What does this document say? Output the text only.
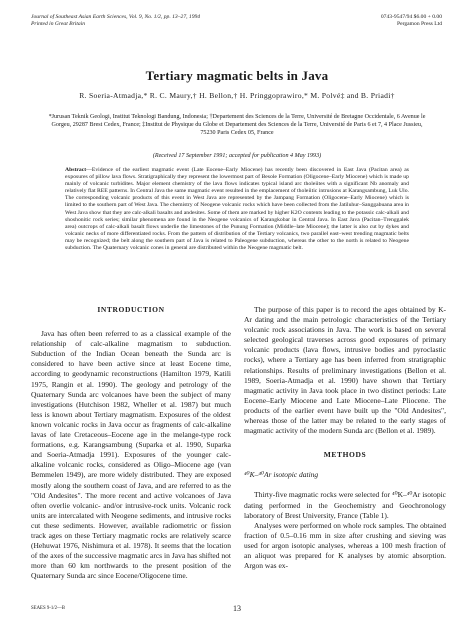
Journal of Southeast Asian Earth Sciences, Vol. 9, No. 1/2, pp. 13–27, 1994
Printed in Great Britain
0743-9547/94 $6.00 + 0.00
Pergamon Press Ltd
Tertiary magmatic belts in Java
R. Soeria-Atmadja,* R. C. Maury,† H. Bellon,† H. Pringgoprawiro,* M. Polvé‡ and B. Priadi†
*Jurusan Teknik Geologi, Institut Teknologi Bandung, Indonesia; †Departement des Sciences de la Terre, Université de Bretagne Occidentale, 6 Avenue le Gorgeu, 29287 Brest Cedex, France; ‡Institut de Physique du Globe et Departement des Sciences de la Terre, Université de Paris 6 et 7, 4 Place Jussieu, 75230 Paris Cedex 05, France
(Received 17 September 1991; accepted for publication 4 May 1993)
Abstract—Evidence of the earliest magmatic event (Late Eocene–Early Miocene) has recently been discovered in East Java (Pacitan area) as exposures of pillow lava flows. Stratigraphically they represent the lowermost part of Besole Formation (Oligocene–Early Miocene) which is made up mainly of volcanic turbidites. Major element chemistry of the lava flows indicates typical island arc tholeiites with a significant Nb anomaly and relatively flat REE patterns. In Central Java the same magmatic event resulted in the emplacement of tholeiitic intrusions at Karangsambung, Luk Ulo. The corresponding volcanic products of this event in West Java are represented by the Jampang Formation (Oligocene–Early Miocene) which is limited to the southern part of West Java. The chemistry of Neogene volcanic rocks which have been collected from the Jatiluhur–Sanggabuana area in West Java show that they are calc-alkali basalts and andesites. Some of them are marked by higher K2O contents leading to the potassic calc-alkali and shoshonitic rock series; similar phenomena are found in the Neogene volcanics of Karangkobar in Central Java. In East Java (Pacitan–Trenggalek area) outcrops of calc-alkali basalt flows underlie the limestones of the Punung Formation (Middle–late Miocene); the latter is also cut by dykes and volcanic necks of more differentiated rocks. From the pattern of distribution of the Tertiary volcanics, two parallel east–west trending magmatic belts may be recognized; the belt along the southern part of Java is related to Paleogene subduction, whereas the other to the north is related to Neogene subduction. The Quaternary volcanic cones in general are distributed within the Neogene magmatic belt.
INTRODUCTION

Java has often been referred to as a classical example of the relationship of calc-alkaline magmatism to subduction. Subduction of the Indian Ocean beneath the Sunda arc is considered to have been active since at least Eocene time, according to geodynamic reconstructions (Hamilton 1979, Katili 1975, Rangin et al. 1990). The geology and petrology of the Quaternary Sunda arc volcanoes have been the subject of many investigations (Hutchison 1982, Wheller et al. 1987) but much less is known about Tertiary magmatism. Exposures of the oldest known volcanic rocks in Java occur as fragments of calc-alkaline lavas of late Cretaceous–Eocene age in the melange-type rock formations, e.g. Karangsambung (Suparka et al. 1990, Suparka and Soeria-Atmadja 1991). Exposures of the younger calc-alkaline volcanic rocks, considered as Oligo–Miocene age (van Bemmelen 1949), are more widely distributed. They are exposed mostly along the southern coast of Java, and are referred to as the "Old Andesites". The more recent and active volcanoes of Java often overlie volcanic- and/or intrusive-rock units. Volcanic rock units are intercalated with Neogene sediments, and intrusive rocks cut these sediments. However, available radiometric or fission track ages on these Tertiary magmatic rocks are relatively scarce (Hehuwat 1976, Nishimura et al. 1978). It seems that the location of the axes of the successive magmatic arcs in Java has shifted not more than 60 km northwards to the present position of the Quaternary Sunda arc since Eocene/Oligocene time.

The purpose of this paper is to record the ages obtained by K-Ar dating and the main petrologic characteristics of the Tertiary volcanic rock associations in Java. The work is based on several selected geological traverses across good exposures of primary volcanic products (lava flows, intrusive bodies and pyroclastic rocks), where a Tertiary age has been inferred from stratigraphic relationships. Results of preliminary investigations (Bellon et al. 1989, Soeria-Atmadja et al. 1990) have shown that Tertiary magmatic activity in Java took place in two distinct periods: Late Eocene–Early Miocene and Late Miocene–Late Pliocene. The products of the earlier event have built up the "Old Andesites", whereas those of the latter may be related to the early stages of magmatic activity of the modern Sunda arc (Bellon et al. 1989).

METHODS
⁴⁰K–⁴⁰Ar isotopic dating

Thirty-five magmatic rocks were selected for ⁴⁰K–⁴⁰Ar isotopic dating performed in the Geochemistry and Geochronology laboratory of Brest University, France (Table 1).

Analyses were performed on whole rock samples. The obtained fraction of 0.5–0.16 mm in size after crushing and sieving was used for argon isotopic analyses, whereas a 100 mesh fraction of an aliquot was prepared for K analyses by atomic absorption. Argon was ex-

SEAES 9-1/2—B	13
